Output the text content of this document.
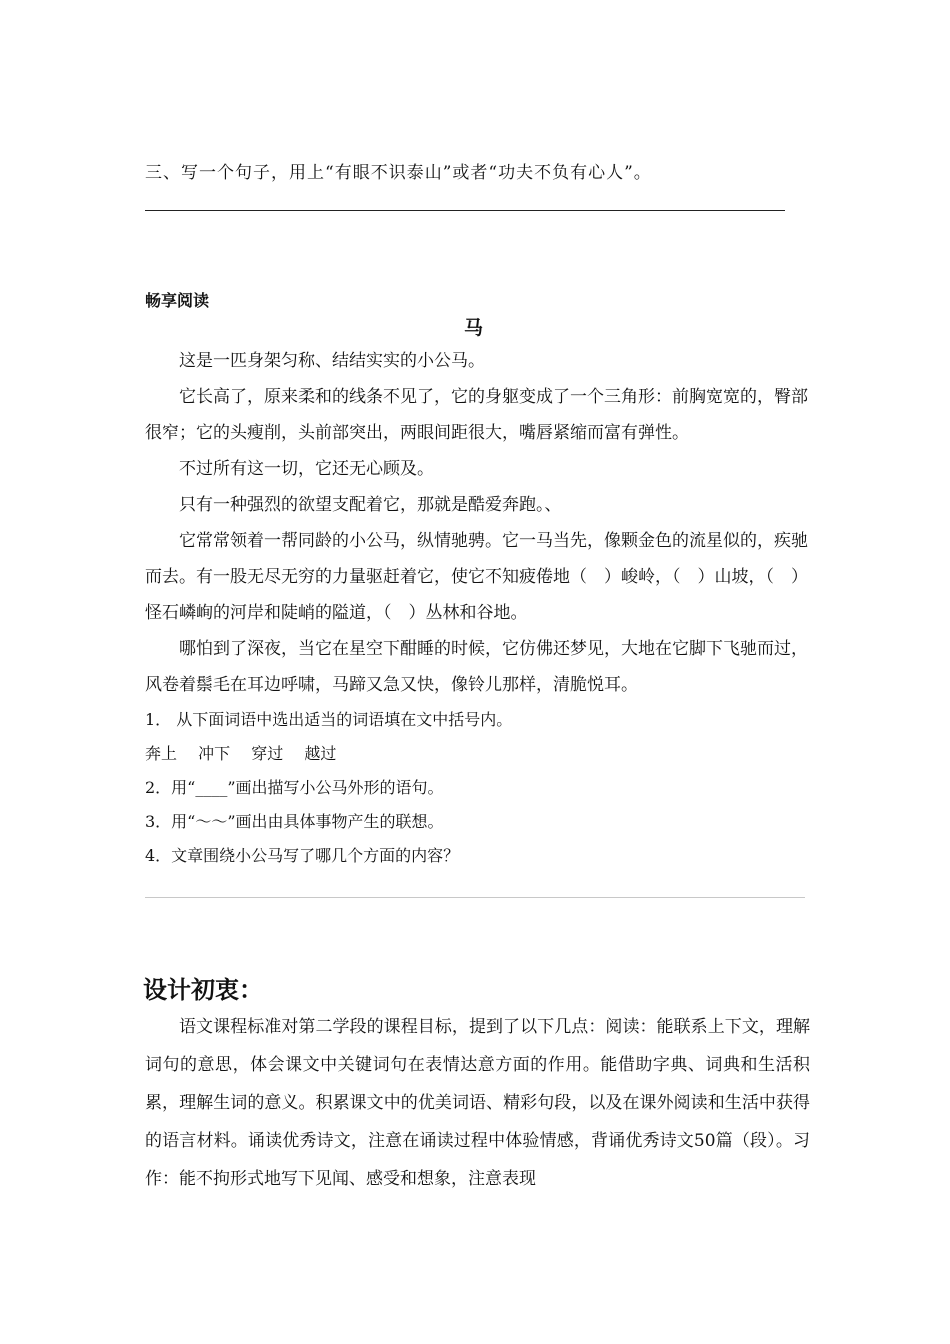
三、写一个句子，用上“有眼不识泰山”或者“功夫不负有心人”。
畅享阅读
马

这是一匹身架匀称、结结实实的小公马。

它长高了，原来柔和的线条不见了，它的身躯变成了一个三角形：前胸宽宽的，臀部很窄；它的头瘦削，头前部突出，两眼间距很大，嘴唇紧缩而富有弹性。

不过所有这一切，它还无心顾及。

只有一种强烈的欲望支配着它，那就是酷爱奔跑。、

它常常领着一帮同龄的小公马，纵情驰骋。它一马当先，像颗金色的流星似的，疾驰而去。有一股无尽无穷的力量驱赶着它，使它不知疲倦地（　）峻岭，（　）山坡，（　）怪石嶙峋的河岸和陡峭的隘道，（　）丛林和谷地。

哪怕到了深夜，当它在星空下酣睡的时候，它仿佛还梦见，大地在它脚下飞驰而过，风卷着鬃毛在耳边呼啸，马蹄又急又快，像铃儿那样，清脆悦耳。

1． 从下面词语中选出适当的词语填在文中括号内。
奔上 冲下 穿过 越过
2．用“____”画出描写小公马外形的语句。
3．用“～～”画出由具体事物产生的联想。
4．文章围绕小公马写了哪几个方面的内容？
设计初衷：

语文课程标准对第二学段的课程目标，提到了以下几点：阅读：能联系上下文，理解词句的意思，体会课文中关键词句在表情达意方面的作用。能借助字典、词典和生活积累，理解生词的意义。积累课文中的优美词语、精彩句段，以及在课外阅读和生活中获得的语言材料。诵读优秀诗文，注意在诵读过程中体验情感，背诵优秀诗文50篇（段）。习作：能不拘形式地写下见闻、感受和想象，注意表现
